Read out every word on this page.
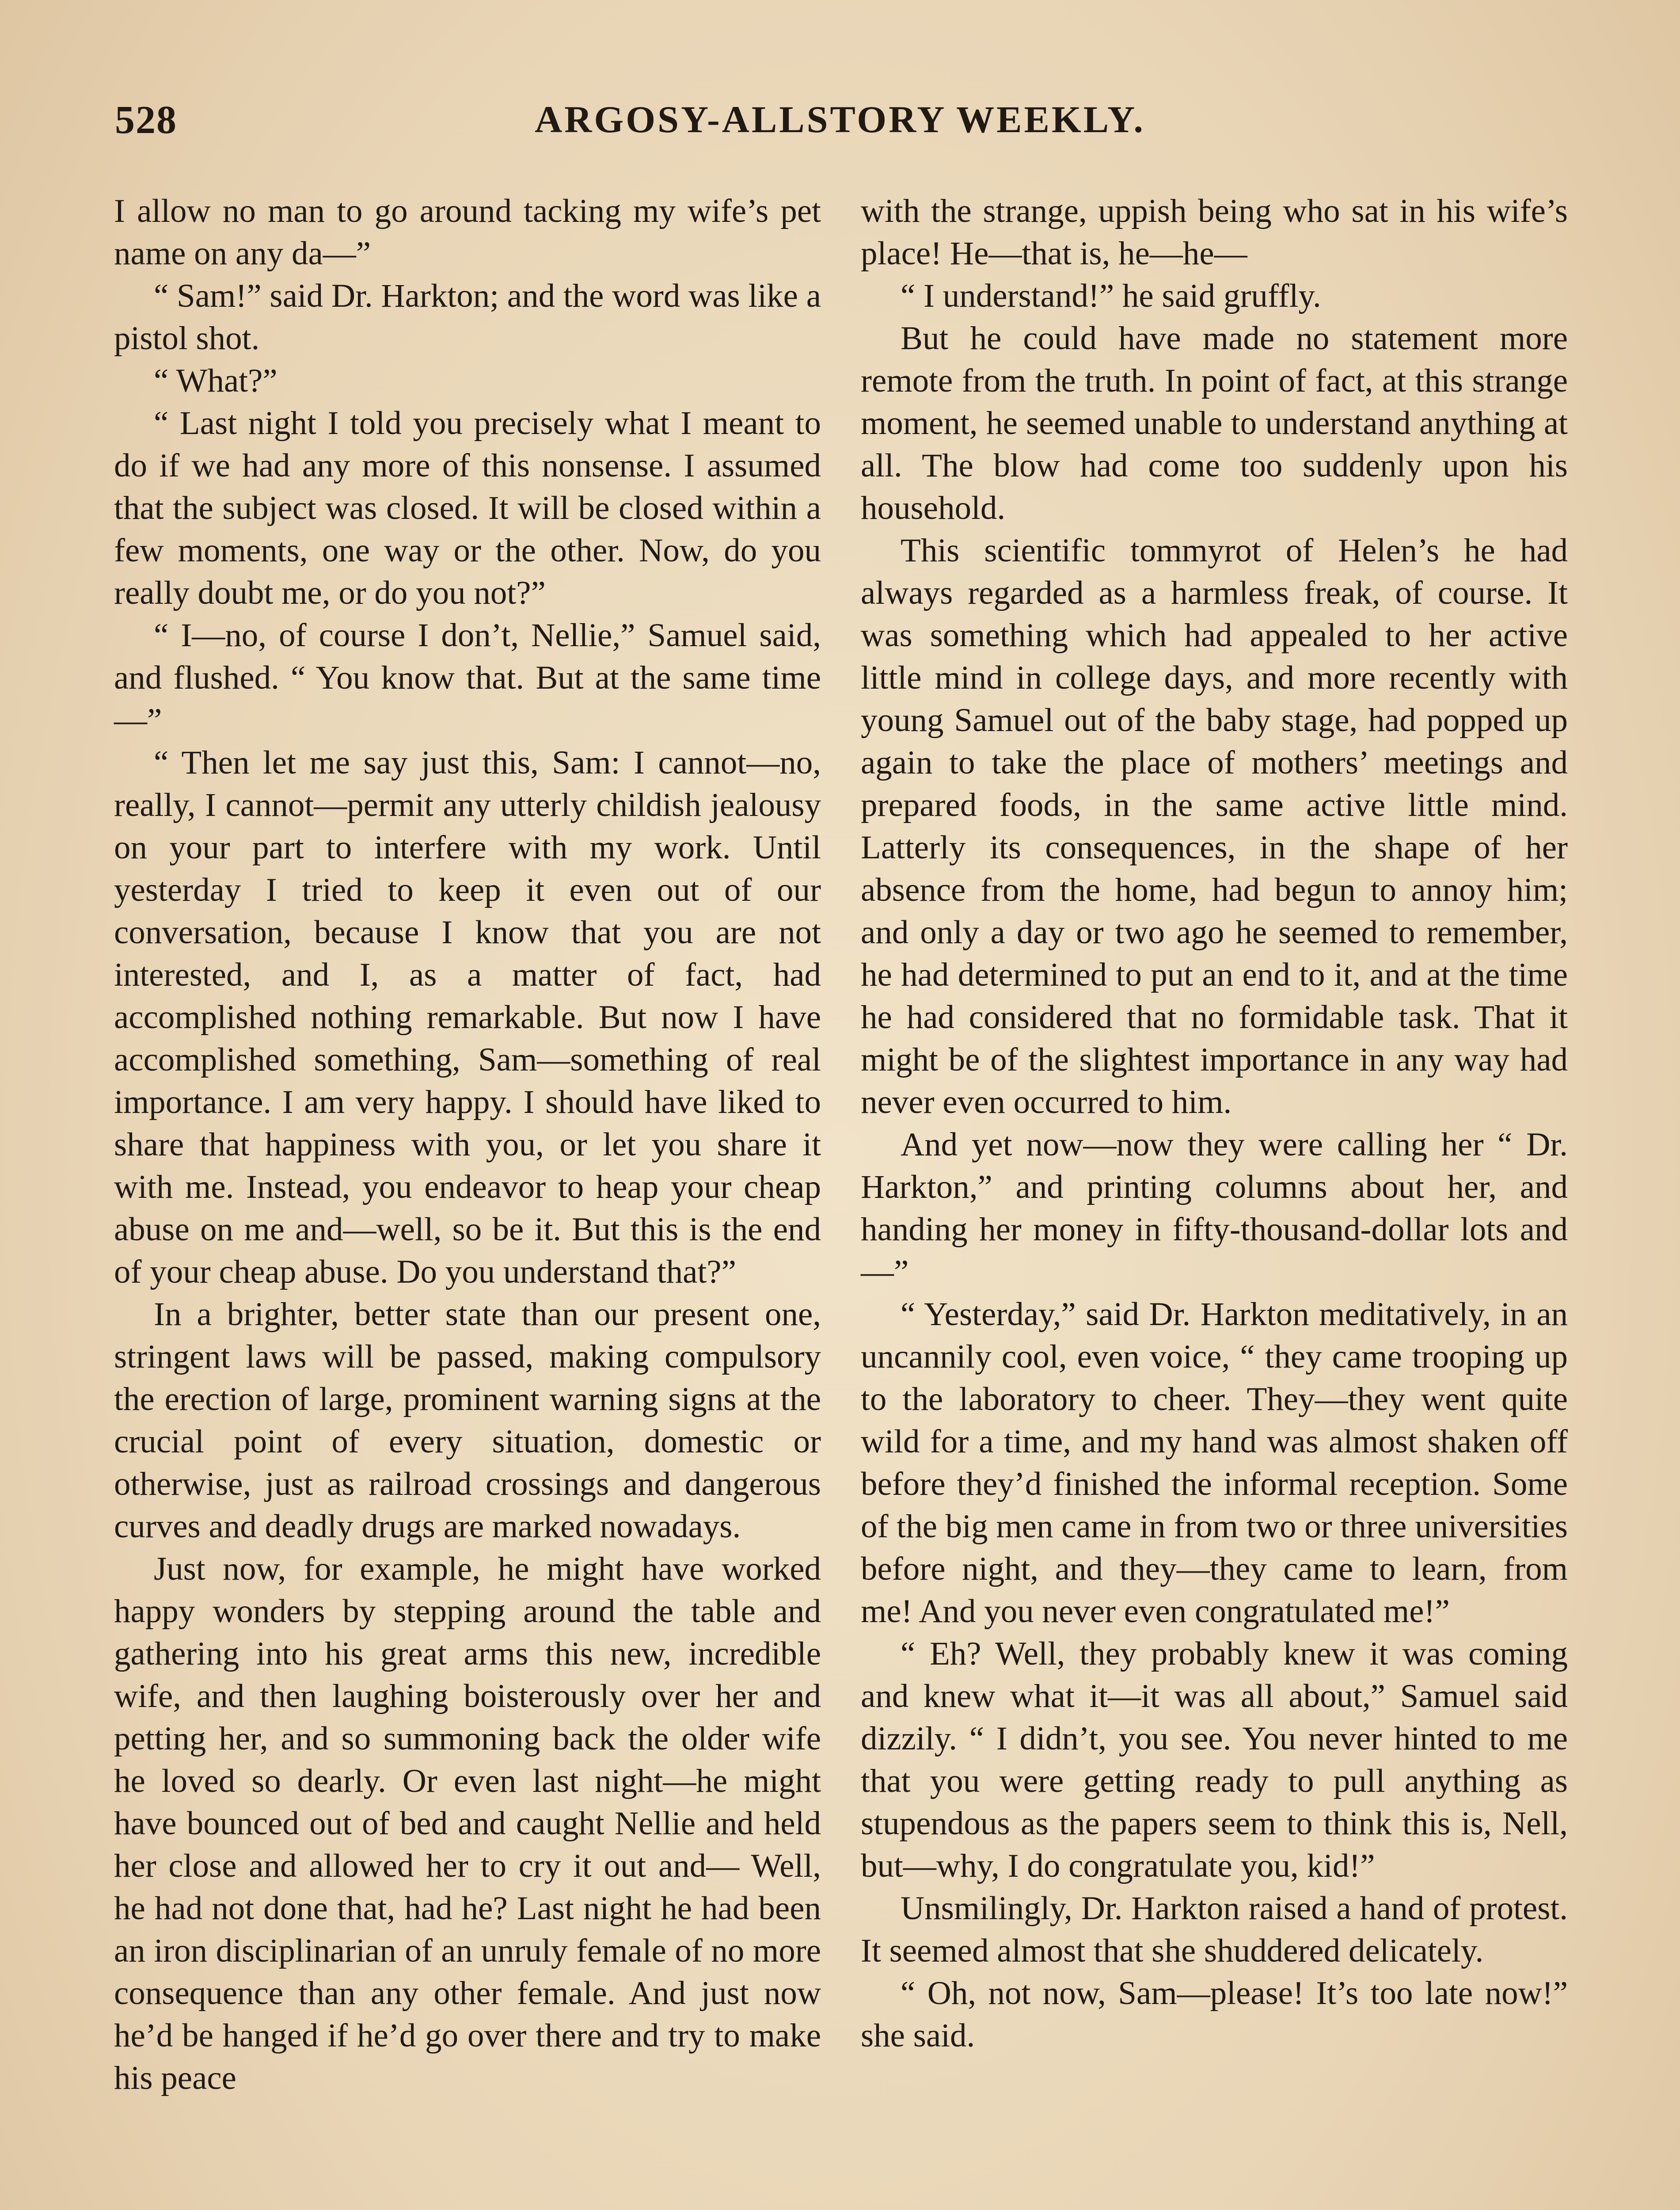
528	ARGOSY-ALLSTORY WEEKLY.

I allow no man to go around tacking my wife’s pet name on any da—”

“ Sam!” said Dr. Harkton; and the word was like a pistol shot.

“ What?”

“ Last night I told you precisely what I meant to do if we had any more of this nonsense. I assumed that the subject was closed. It will be closed within a few moments, one way or the other. Now, do you really doubt me, or do you not?”

“ I—no, of course I don’t, Nellie,” Samuel said, and flushed. “ You know that. But at the same time—”

“ Then let me say just this, Sam: I cannot—no, really, I cannot—permit any utterly childish jealousy on your part to interfere with my work. Until yesterday I tried to keep it even out of our conversation, because I know that you are not interested, and I, as a matter of fact, had accomplished nothing remarkable. But now I have accomplished something, Sam—something of real importance. I am very happy. I should have liked to share that happiness with you, or let you share it with me. Instead, you endeavor to heap your cheap abuse on me and—well, so be it. But this is the end of your cheap abuse. Do you understand that?”

In a brighter, better state than our present one, stringent laws will be passed, making compulsory the erection of large, prominent warning signs at the crucial point of every situation, domestic or otherwise, just as railroad crossings and dangerous curves and deadly drugs are marked nowadays.

Just now, for example, he might have worked happy wonders by stepping around the table and gathering into his great arms this new, incredible wife, and then laughing boisterously over her and petting her, and so summoning back the older wife he loved so dearly. Or even last night—he might have bounced out of bed and caught Nellie and held her close and allowed her to cry it out and— Well, he had not done that, had he? Last night he had been an iron disciplinarian of an unruly female of no more consequence than any other female. And just now he’d be hanged if he’d go over there and try to make his peace

with the strange, uppish being who sat in his wife’s place! He—that is, he—he—

“ I understand!” he said gruffly.

But he could have made no statement more remote from the truth. In point of fact, at this strange moment, he seemed unable to understand anything at all. The blow had come too suddenly upon his household.

This scientific tommyrot of Helen’s he had always regarded as a harmless freak, of course. It was something which had appealed to her active little mind in college days, and more recently with young Samuel out of the baby stage, had popped up again to take the place of mothers’ meetings and prepared foods, in the same active little mind. Latterly its consequences, in the shape of her absence from the home, had begun to annoy him; and only a day or two ago he seemed to remember, he had determined to put an end to it, and at the time he had considered that no formidable task. That it might be of the slightest importance in any way had never even occurred to him.

And yet now—now they were calling her “ Dr. Harkton,” and printing columns about her, and handing her money in fifty-thousand-dollar lots and—”

“ Yesterday,” said Dr. Harkton meditatively, in an uncannily cool, even voice, “ they came trooping up to the laboratory to cheer. They—they went quite wild for a time, and my hand was almost shaken off before they’d finished the informal reception. Some of the big men came in from two or three universities before night, and they—they came to learn, from me! And you never even congratulated me!”

“ Eh? Well, they probably knew it was coming and knew what it—it was all about,” Samuel said dizzily. “ I didn’t, you see. You never hinted to me that you were getting ready to pull anything as stupendous as the papers seem to think this is, Nell, but—why, I do congratulate you, kid!”

Unsmilingly, Dr. Harkton raised a hand of protest. It seemed almost that she shuddered delicately.

“ Oh, not now, Sam—please! It’s too late now!” she said.
